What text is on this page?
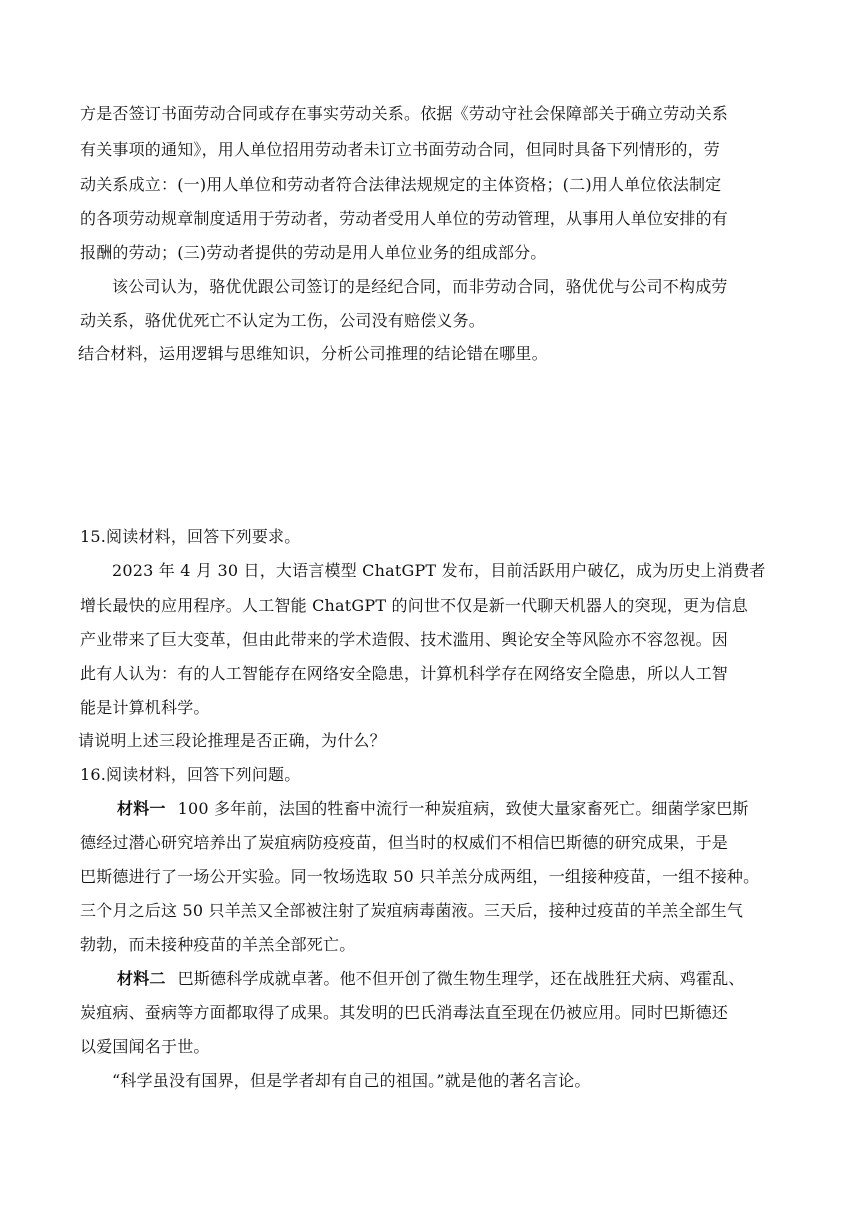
方是否签订书面劳动合同或存在事实劳动关系。依据《劳动守社会保障部关于确立劳动关系
有关事项的通知》，用人单位招用劳动者未订立书面劳动合同，但同时具备下列情形的，劳
动关系成立：(一)用人单位和劳动者符合法律法规规定的主体资格；(二)用人单位依法制定
的各项劳动规章制度适用于劳动者，劳动者受用人单位的劳动管理，从事用人单位安排的有
报酬的劳动；(三)劳动者提供的劳动是用人单位业务的组成部分。
该公司认为，骆优优跟公司签订的是经纪合同，而非劳动合同，骆优优与公司不构成劳
动关系，骆优优死亡不认定为工伤，公司没有赔偿义务。
结合材料，运用逻辑与思维知识，分析公司推理的结论错在哪里。
15.阅读材料，回答下列要求。
2023 年 4 月 30 日，大语言模型 ChatGPT 发布，目前活跃用户破亿，成为历史上消费者
增长最快的应用程序。人工智能 ChatGPT 的问世不仅是新一代聊天机器人的突现，更为信息
产业带来了巨大变革，但由此带来的学术造假、技术滥用、舆论安全等风险亦不容忽视。因
此有人认为：有的人工智能存在网络安全隐患，计算机科学存在网络安全隐患，所以人工智
能是计算机科学。
请说明上述三段论推理是否正确，为什么？
16.阅读材料，回答下列问题。
材料一 100 多年前，法国的牲畜中流行一种炭疽病，致使大量家畜死亡。细菌学家巴斯
德经过潜心研究培养出了炭疽病防疫疫苗，但当时的权威们不相信巴斯德的研究成果，于是
巴斯德进行了一场公开实验。同一牧场选取 50 只羊羔分成两组，一组接种疫苗，一组不接种。
三个月之后这 50 只羊羔又全部被注射了炭疽病毒菌液。三天后，接种过疫苗的羊羔全部生气
勃勃，而未接种疫苗的羊羔全部死亡。
材料二 巴斯德科学成就卓著。他不但开创了微生物生理学，还在战胜狂犬病、鸡霍乱、
炭疽病、蚕病等方面都取得了成果。其发明的巴氏消毒法直至现在仍被应用。同时巴斯德还
以爱国闻名于世。
“科学虽没有国界，但是学者却有自己的祖国。”就是他的著名言论。
